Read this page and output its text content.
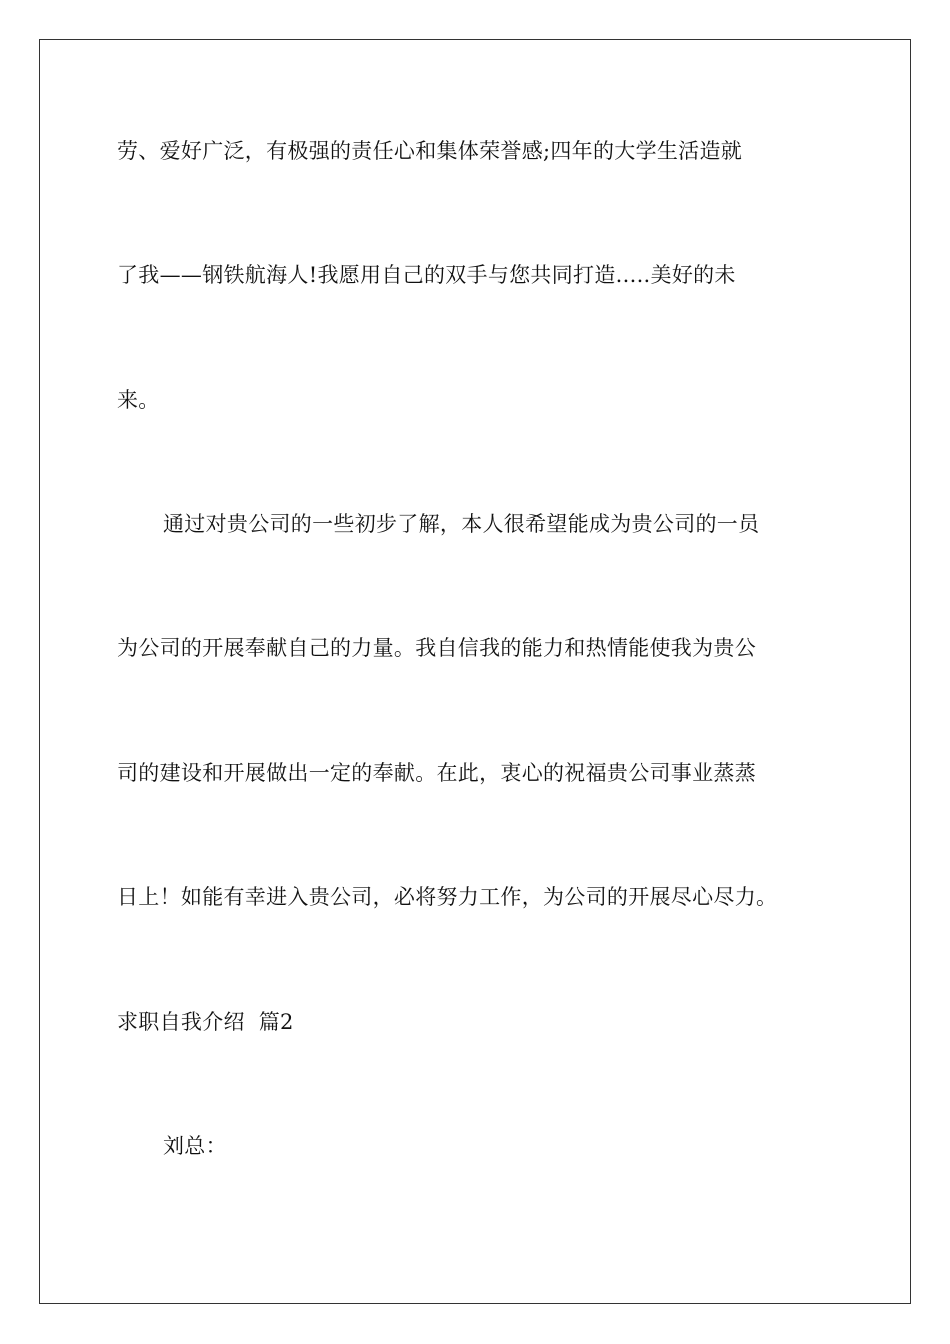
劳、爱好广泛，有极强的责任心和集体荣誉感;四年的大学生活造就
了我——钢铁航海人!我愿用自己的双手与您共同打造.....美好的未
来。
通过对贵公司的一些初步了解，本人很希望能成为贵公司的一员
为公司的开展奉献自己的力量。我自信我的能力和热情能使我为贵公
司的建设和开展做出一定的奉献。在此，衷心的祝福贵公司事业蒸蒸
日上！如能有幸进入贵公司，必将努力工作，为公司的开展尽心尽力。
求职自我介绍  篇2
刘总：
